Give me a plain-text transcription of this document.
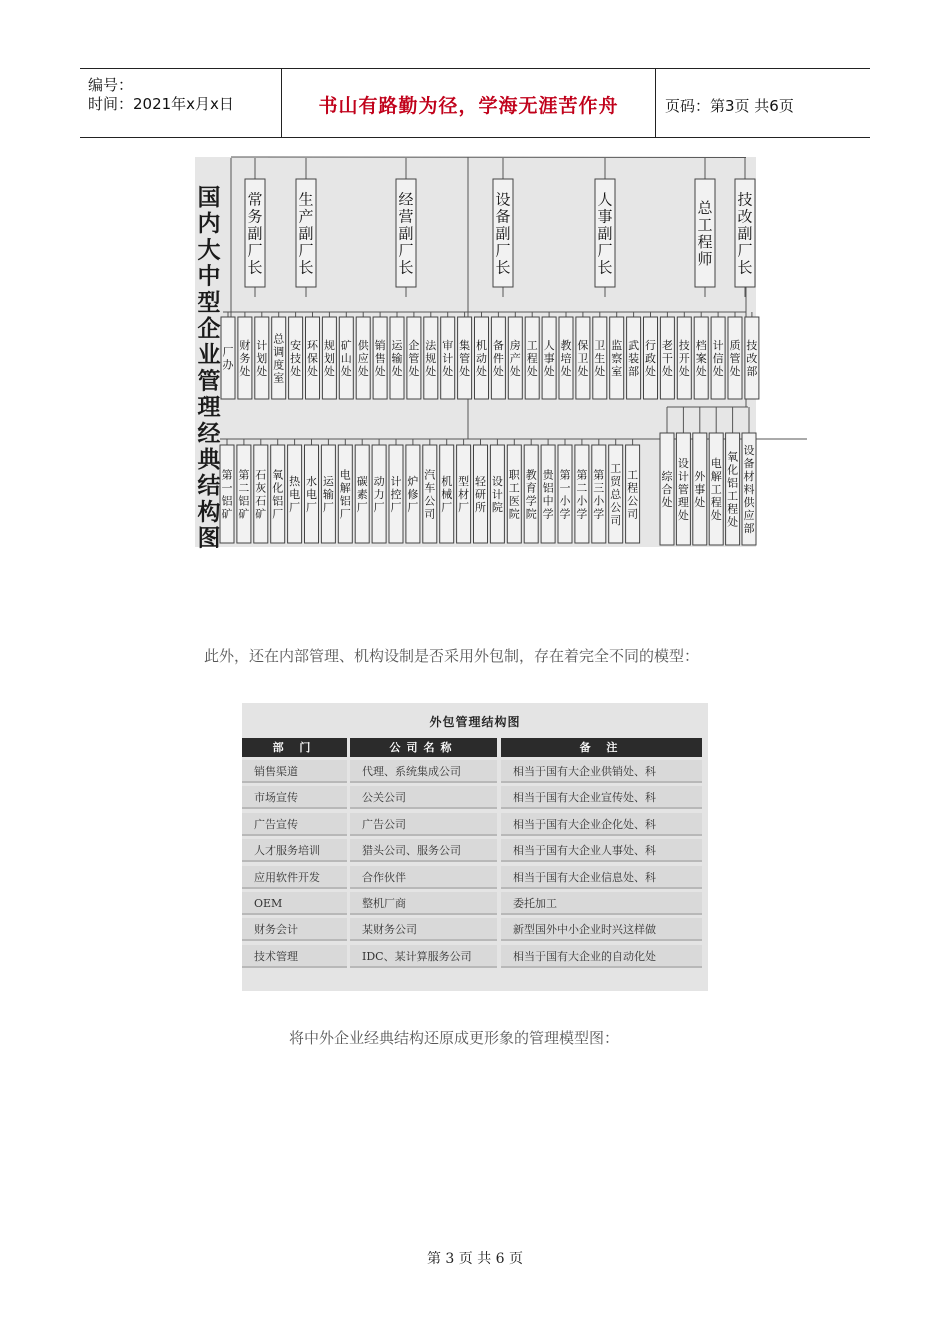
编号：
时间：2021年x月x日	书山有路勤为径，学海无涯苦作舟	页码：第3页 共6页
国内大中型企业管理经典结构图
常务副厂长
生产副厂长
经营副厂长
设备副厂长
人事副厂长
总工程师
技改副厂长
厂办
财务处
计划处
总调度室
安技处
环保处
规划处
矿山处
供应处
销售处
运输处
企管处
法规处
审计处
集管处
机动处
备件处
房产处
工程处
人事处
教培处
保卫处
卫生处
监察室
武装部
行政处
老干处
技开处
档案处
计信处
质管处
技改部
第一铝矿
第二铝矿
石灰石矿
氧化铝厂
热电厂
水电厂
运输厂
电解铝厂
碳素厂
动力厂
计控厂
炉修厂
汽车公司
机械厂
型材厂
轻研所
设计院
职工医院
教育学院
贵铝中学
第一小学
第二小学
第三小学
工贸总公司
工程公司
综合处
设计管理处
外事处
电解工程处
氧化铝工程处
设备材料供应部
此外，还在内部管理、机构设制是否采用外包制，存在着完全不同的模型：
外包管理结构图
部 门	公司名称	备 注
销售渠道	代理、系统集成公司	相当于国有大企业供销处、科
市场宣传	公关公司	相当于国有大企业宣传处、科
广告宣传	广告公司	相当于国有大企业企化处、科
人才服务培训	猎头公司、服务公司	相当于国有大企业人事处、科
应用软件开发	合作伙伴	相当于国有大企业信息处、科
OEM	整机厂商	委托加工
财务会计	某财务公司	新型国外中小企业时兴这样做
技术管理	IDC、某计算服务公司	相当于国有大企业的自动化处
将中外企业经典结构还原成更形象的管理模型图：
第 3 页 共 6 页
